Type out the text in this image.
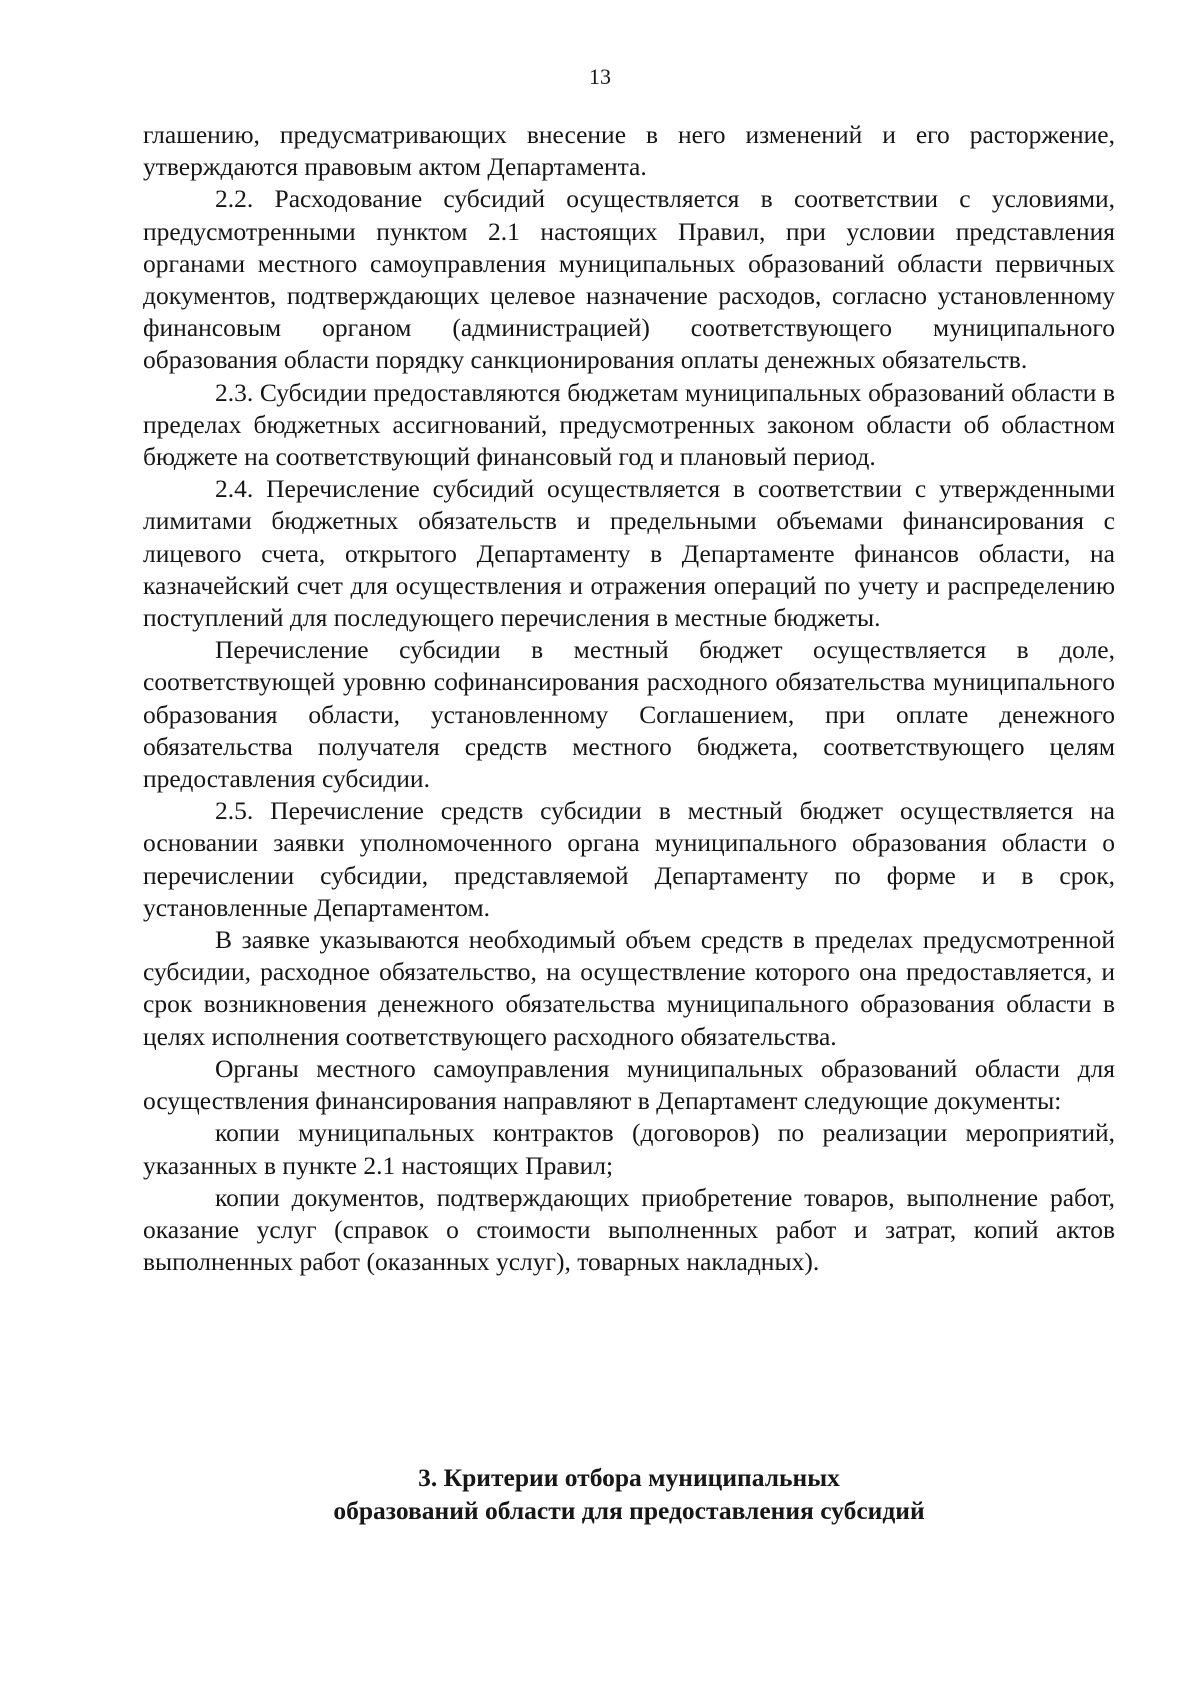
13

глашению, предусматривающих внесение в него изменений и его расторжение, утверждаются правовым актом Департамента.

2.2. Расходование субсидий осуществляется в соответствии с условиями, предусмотренными пунктом 2.1 настоящих Правил, при условии представления органами местного самоуправления муниципальных образований области первичных документов, подтверждающих целевое назначение расходов, согласно установленному финансовым органом (администрацией) соответствующего муниципального образования области порядку санкционирования оплаты денежных обязательств.

2.3. Субсидии предоставляются бюджетам муниципальных образований области в пределах бюджетных ассигнований, предусмотренных законом области об областном бюджете на соответствующий финансовый год и плановый период.

2.4. Перечисление субсидий осуществляется в соответствии с утвержденными лимитами бюджетных обязательств и предельными объемами финансирования с лицевого счета, открытого Департаменту в Департаменте финансов области, на казначейский счет для осуществления и отражения операций по учету и распределению поступлений для последующего перечисления в местные бюджеты.

Перечисление субсидии в местный бюджет осуществляется в доле, соответствующей уровню софинансирования расходного обязательства муниципального образования области, установленному Соглашением, при оплате денежного обязательства получателя средств местного бюджета, соответствующего целям предоставления субсидии.

2.5. Перечисление средств субсидии в местный бюджет осуществляется на основании заявки уполномоченного органа муниципального образования области о перечислении субсидии, представляемой Департаменту по форме и в срок, установленные Департаментом.

В заявке указываются необходимый объем средств в пределах предусмотренной субсидии, расходное обязательство, на осуществление которого она предоставляется, и срок возникновения денежного обязательства муниципального образования области в целях исполнения соответствующего расходного обязательства.

Органы местного самоуправления муниципальных образований области для осуществления финансирования направляют в Департамент следующие документы:

копии муниципальных контрактов (договоров) по реализации мероприятий, указанных в пункте 2.1 настоящих Правил;

копии документов, подтверждающих приобретение товаров, выполнение работ, оказание услуг (справок о стоимости выполненных работ и затрат, копий актов выполненных работ (оказанных услуг), товарных накладных).

3. Критерии отбора муниципальных
образований области для предоставления субсидий
